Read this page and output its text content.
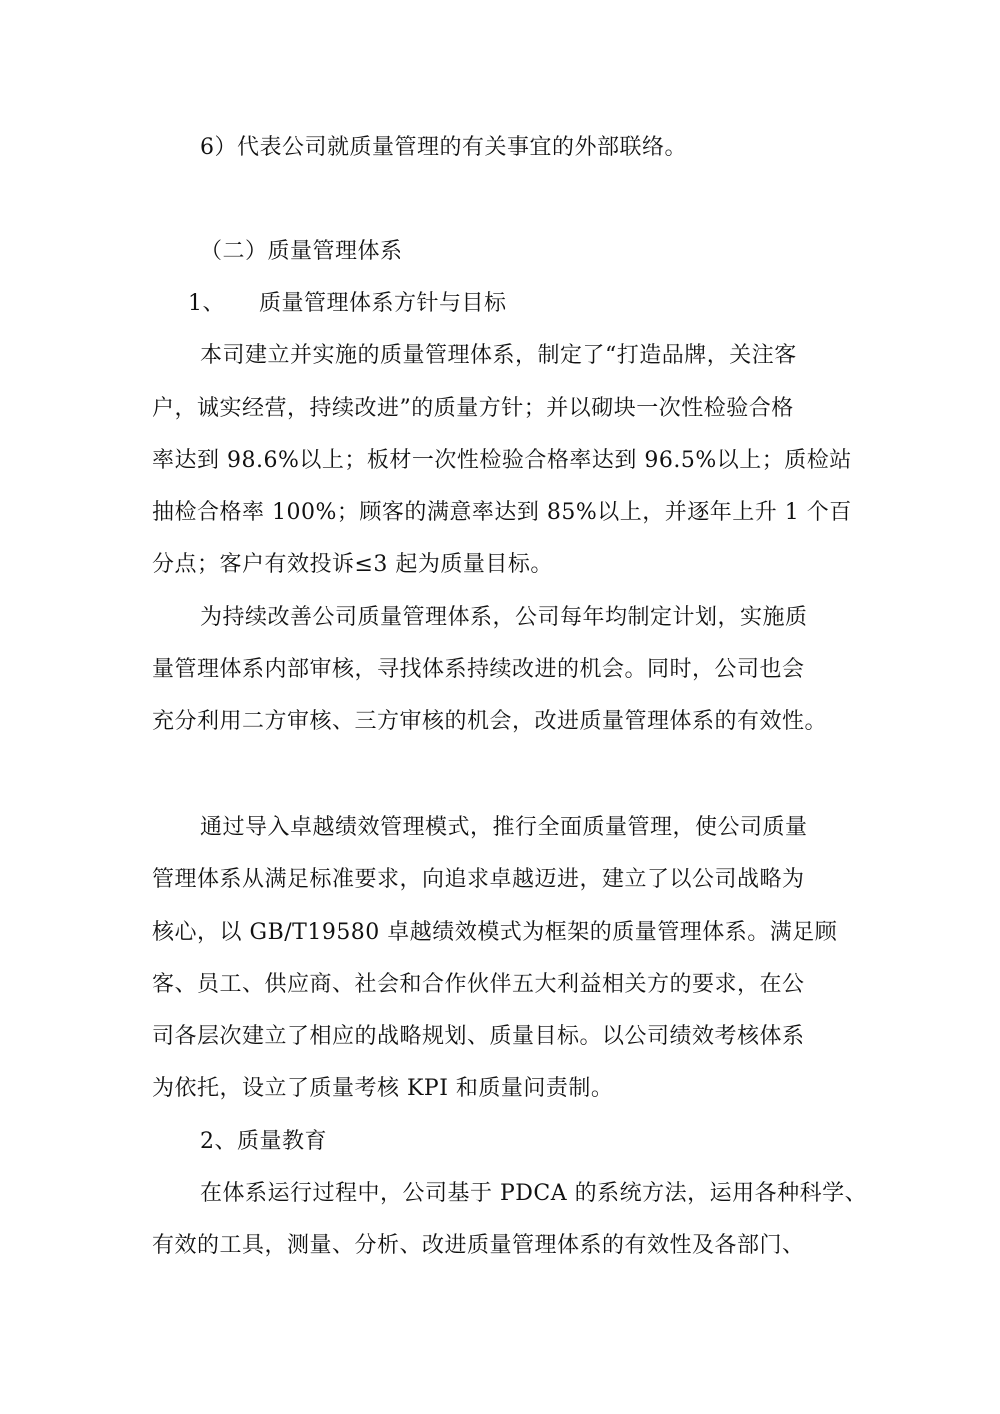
6）代表公司就质量管理的有关事宜的外部联络。
（二）质量管理体系
1、　　质量管理体系方针与目标
本司建立并实施的质量管理体系，制定了“打造品牌，关注客
户，诚实经营，持续改进”的质量方针；并以砌块一次性检验合格
率达到 98.6%以上；板材一次性检验合格率达到 96.5%以上；质检站
抽检合格率 100%；顾客的满意率达到 85%以上，并逐年上升 1 个百
分点；客户有效投诉≤3 起为质量目标。
为持续改善公司质量管理体系，公司每年均制定计划，实施质
量管理体系内部审核，寻找体系持续改进的机会。同时，公司也会
充分利用二方审核、三方审核的机会，改进质量管理体系的有效性。
通过导入卓越绩效管理模式，推行全面质量管理，使公司质量
管理体系从满足标准要求，向追求卓越迈进，建立了以公司战略为
核心，以 GB/T19580 卓越绩效模式为框架的质量管理体系。满足顾
客、员工、供应商、社会和合作伙伴五大利益相关方的要求，在公
司各层次建立了相应的战略规划、质量目标。以公司绩效考核体系
为依托，设立了质量考核 KPI 和质量问责制。
2、质量教育
在体系运行过程中，公司基于 PDCA 的系统方法，运用各种科学、
有效的工具，测量、分析、改进质量管理体系的有效性及各部门、
